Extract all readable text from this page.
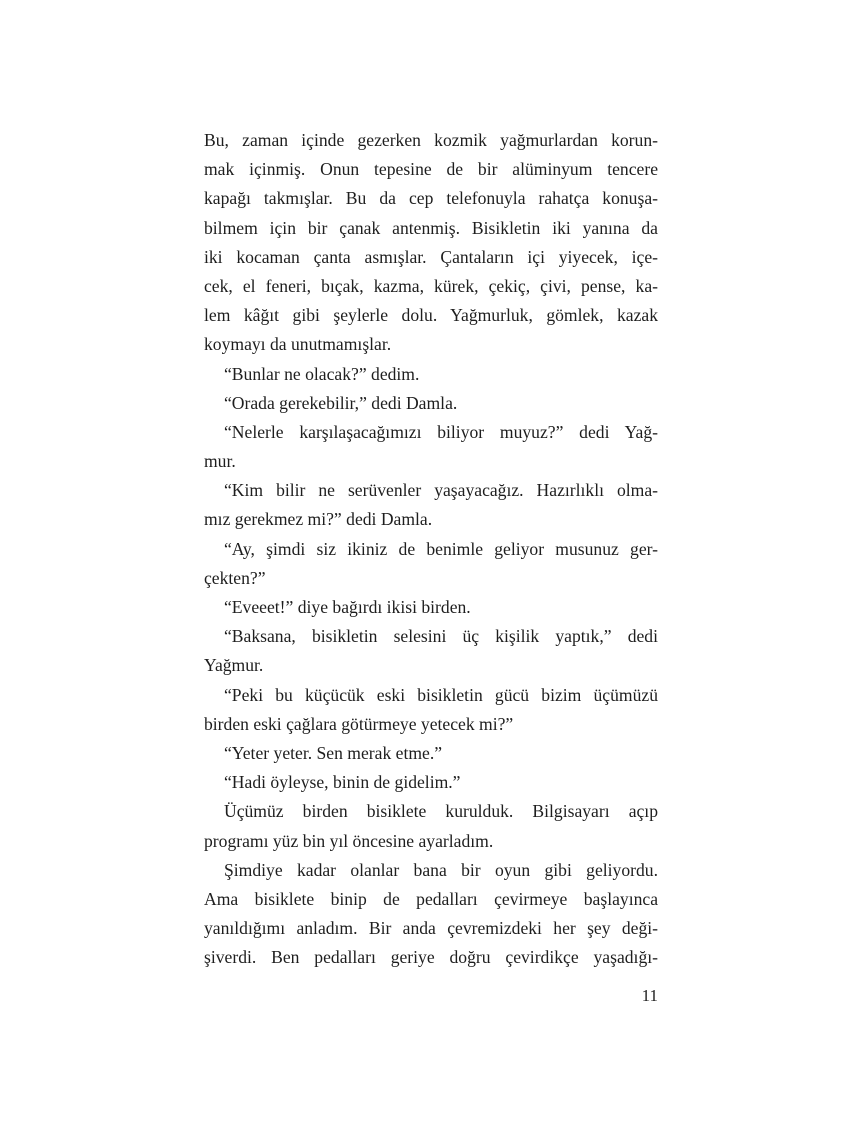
Bu, zaman içinde gezerken kozmik yağmurlardan korun-
mak içinmiş. Onun tepesine de bir alüminyum tencere
kapağı takmışlar. Bu da cep telefonuyla rahatça konuşa-
bilmem için bir çanak antenmiş. Bisikletin iki yanına da
iki kocaman çanta asmışlar. Çantaların içi yiyecek, içe-
cek, el feneri, bıçak, kazma, kürek, çekiç, çivi, pense, ka-
lem kâğıt gibi şeylerle dolu. Yağmurluk, gömlek, kazak
koymayı da unutmamışlar.
“Bunlar ne olacak?” dedim.
“Orada gerekebilir,” dedi Damla.
“Nelerle karşılaşacağımızı biliyor muyuz?” dedi Yağ-
mur.
“Kim bilir ne serüvenler yaşayacağız. Hazırlıklı olma-
mız gerekmez mi?” dedi Damla.
“Ay, şimdi siz ikiniz de benimle geliyor musunuz ger-
çekten?”
“Eveeet!” diye bağırdı ikisi birden.
“Baksana, bisikletin selesini üç kişilik yaptık,” dedi
Yağmur.
“Peki bu küçücük eski bisikletin gücü bizim üçümüzü
birden eski çağlara götürmeye yetecek mi?”
“Yeter yeter. Sen merak etme.”
“Hadi öyleyse, binin de gidelim.”
Üçümüz birden bisiklete kurulduk. Bilgisayarı açıp
programı yüz bin yıl öncesine ayarladım.
Şimdiye kadar olanlar bana bir oyun gibi geliyordu.
Ama bisiklete binip de pedalları çevirmeye başlayınca
yanıldığımı anladım. Bir anda çevremizdeki her şey deği-
şiverdi. Ben pedalları geriye doğru çevirdikçe yaşadığı-
11
